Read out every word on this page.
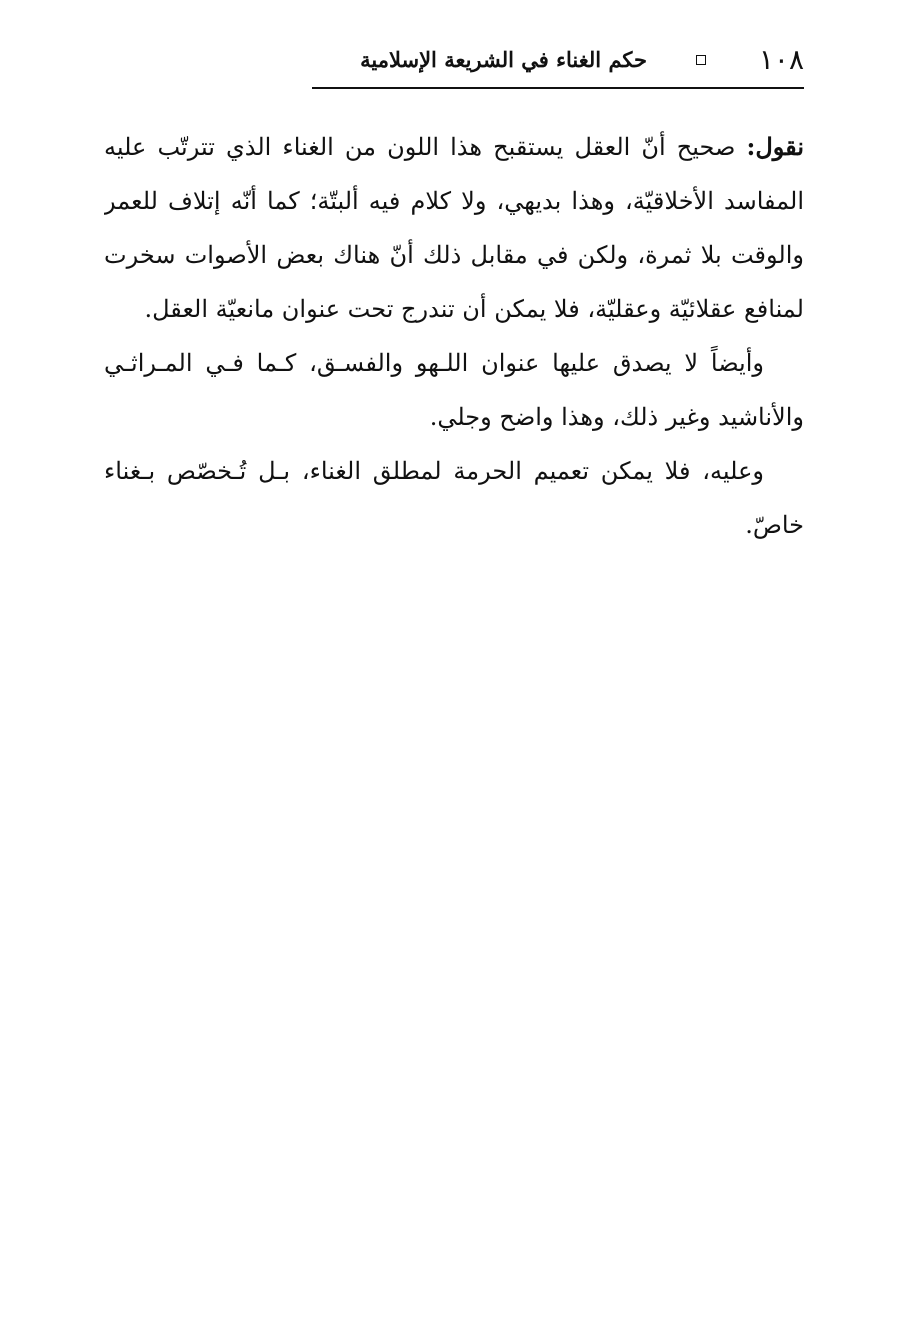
١٠٨
حكم الغناء في الشريعة الإسلامية
نقول: صحيح أنّ العقل يستقبح هذا اللون من الغناء الذي تترتّب عليه
المفاسد الأخلاقيّة، وهذا بديهي، ولا كلام فيه ألبتّة؛ كما أنّه إتلاف للعمر
والوقت بلا ثمرة، ولكن في مقابل ذلك أنّ هناك بعض الأصوات سخرت
لمنافع عقلائيّة وعقليّة، فلا يمكن أن تندرج تحت عنوان مانعيّة العقل.
وأيضاً لا يصدق عليها عنوان اللـهو والفسـق، كـما فـي المـراثـي
والأناشيد وغير ذلك، وهذا واضح وجلي.
وعليه، فلا يمكن تعميم الحرمة لمطلق الغناء، بـل تُـخصّص بـغناء
خاصّ.
